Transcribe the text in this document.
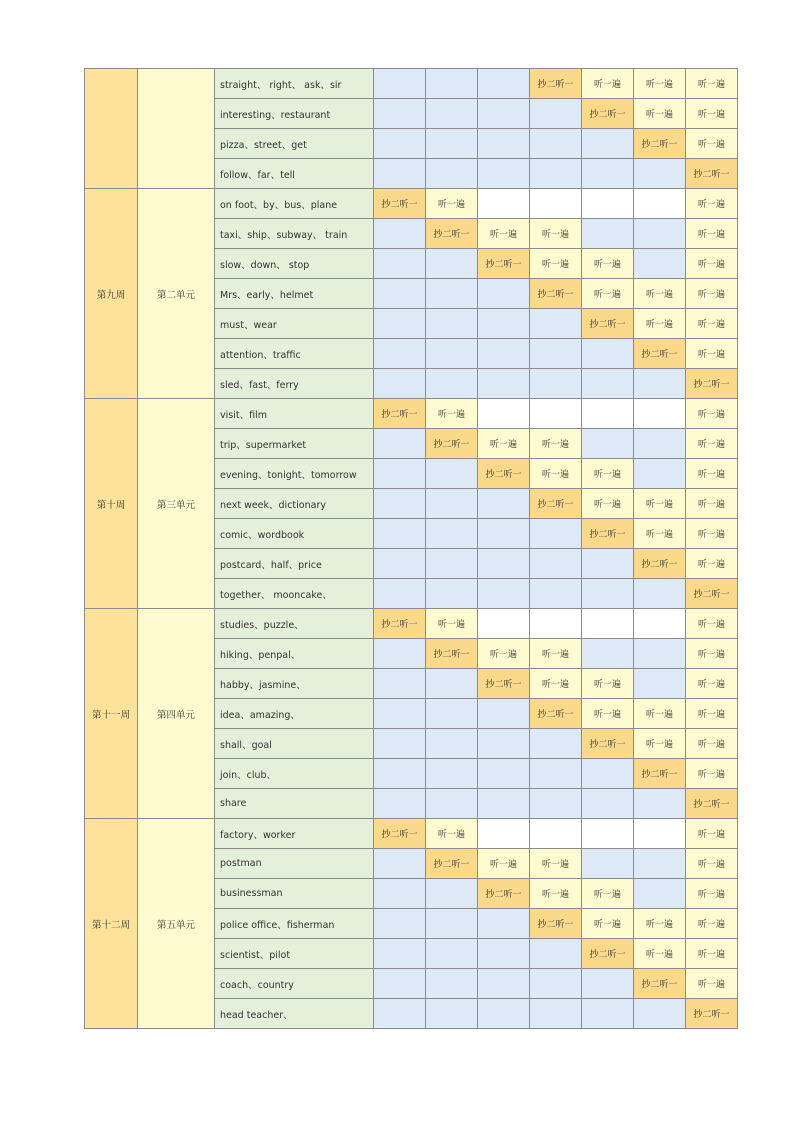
		straight、 right、 ask、sir				抄二听一	听一遍	听一遍	听一遍
		interesting、restaurant					抄二听一	听一遍	听一遍
		pizza、street、get						抄二听一	听一遍
		follow、far、tell							抄二听一
第九周	第二单元	on foot、by、bus、plane	抄二听一	听一遍					听一遍
		taxi、ship、subway、 train		抄二听一	听一遍	听一遍			听一遍
		slow、down、 stop			抄二听一	听一遍	听一遍		听一遍
		Mrs、early、helmet				抄二听一	听一遍	听一遍	听一遍
		must、wear					抄二听一	听一遍	听一遍
		attention、traffic						抄二听一	听一遍
		sled、fast、ferry							抄二听一
第十周	第三单元	visit、film	抄二听一	听一遍					听一遍
		trip、supermarket		抄二听一	听一遍	听一遍			听一遍
		evening、tonight、tomorrow			抄二听一	听一遍	听一遍		听一遍
		next week、dictionary				抄二听一	听一遍	听一遍	听一遍
		comic、wordbook					抄二听一	听一遍	听一遍
		postcard、half、price						抄二听一	听一遍
		together、 mooncake、							抄二听一
第十一周	第四单元	studies、puzzle、	抄二听一	听一遍					听一遍
		hiking、penpal、		抄二听一	听一遍	听一遍			听一遍
		habby、jasmine、			抄二听一	听一遍	听一遍		听一遍
		idea、amazing、				抄二听一	听一遍	听一遍	听一遍
		shall、goal					抄二听一	听一遍	听一遍
		join、club、						抄二听一	听一遍
		share							抄二听一
第十二周	第五单元	factory、worker	抄二听一	听一遍					听一遍
		postman		抄二听一	听一遍	听一遍			听一遍
		businessman			抄二听一	听一遍	听一遍		听一遍
		police office、fisherman				抄二听一	听一遍	听一遍	听一遍
		scientist、pilot					抄二听一	听一遍	听一遍
		coach、country						抄二听一	听一遍
		head teacher、							抄二听一
